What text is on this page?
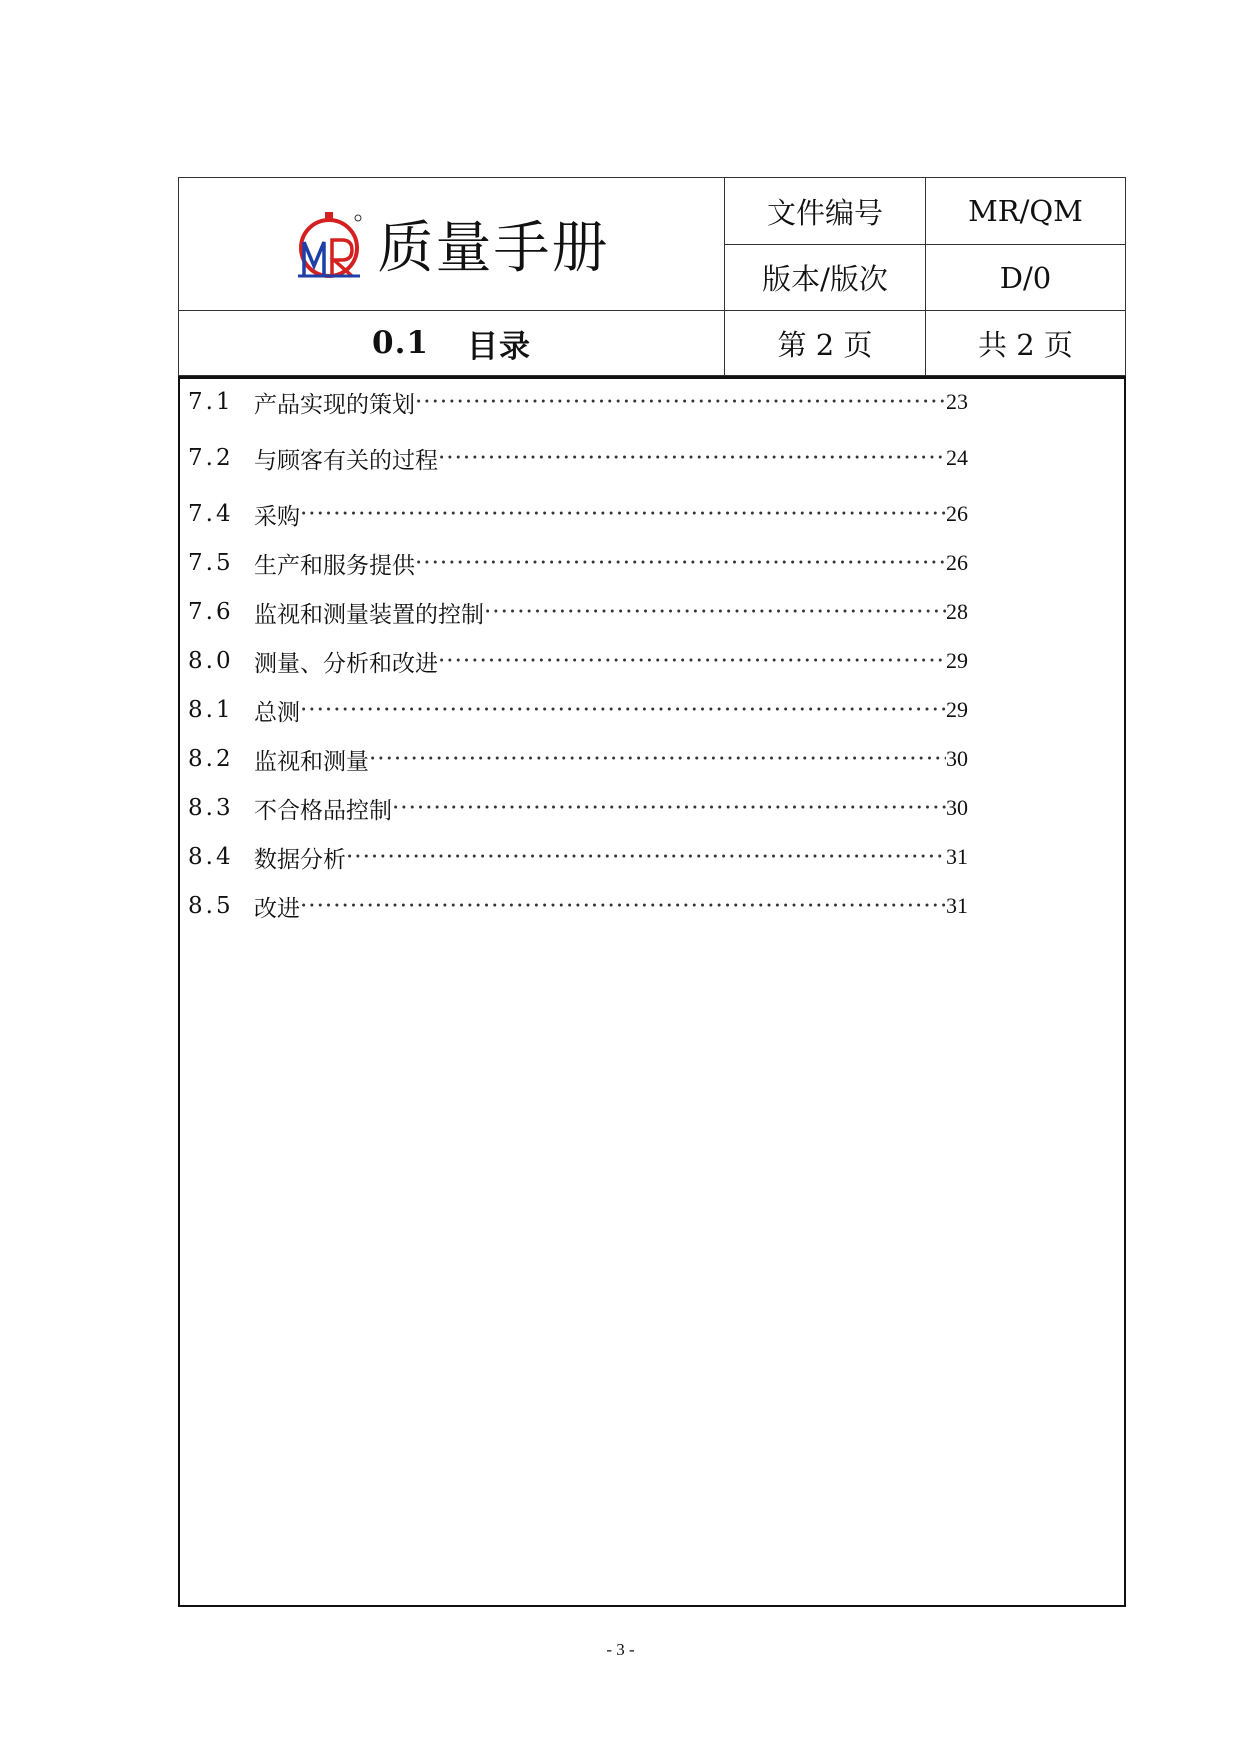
质量手册
文件编号	MR/QM
版本/版次	D/0
0.1 目录	第 2 页	共 2 页
7.1 产品实现的策划 ·····	23
7.2 与顾客有关的过程 ·····	24
7.4 采购 ·····	26
7.5 生产和服务提供 ·····	26
7.6 监视和测量装置的控制 ·····	28
8.0 测量、分析和改进 ·····	29
8.1 总测 ·····	29
8.2 监视和测量 ·····	30
8.3 不合格品控制 ·····	30
8.4 数据分析 ·····	31
8.5 改进 ·····	31
- 3 -
